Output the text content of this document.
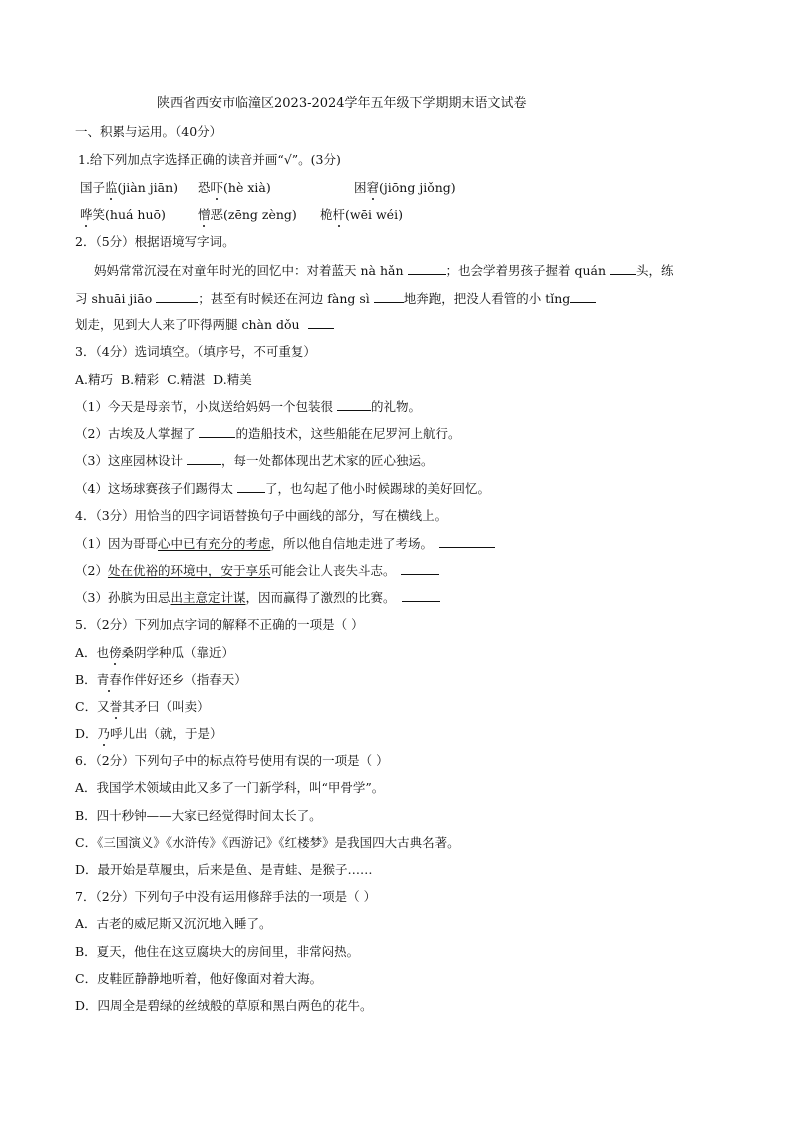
陕西省西安市临潼区2023-2024学年五年级下学期期末语文试卷
一、积累与运用。（40分）
1.给下列加点字选择正确的读音并画“√”。(3分)
国子监(jiàn jiān) 恐吓(hè xià)	困窘(jiōng jiǒng)
哗笑(huá huō)	憎恶(zēng zèng) 桅杆(wēi wéi)
2．（5分）根据语境写字词。
妈妈常常沉浸在对童年时光的回忆中：对着蓝天 nà hǎn	；也会学着男孩子握着 quán 头，练
习 shuāi jiāo	；甚至有时候还在河边 fàng sì	地奔跑，把没人看管的小 tǐng
划走，见到大人来了吓得两腿 chàn dǒu
3．（4分）选词填空。（填序号，不可重复）
A.精巧 B.精彩 C.精湛 D.精美
（1）今天是母亲节，小岚送给妈妈一个包装很	的礼物。
（2）古埃及人掌握了	的造船技术，这些船能在尼罗河上航行。
（3）这座园林设计	，每一处都体现出艺术家的匠心独运。
（4）这场球赛孩子们踢得太	了，也勾起了他小时候踢球的美好回忆。
4．（3分）用恰当的四字词语替换句子中画线的部分，写在横线上。
（1）因为哥哥心中已有充分的考虑，所以他自信地走进了考场。
（2）处在优裕的环境中，安于享乐可能会让人丧失斗志。
（3）孙膑为田忌出主意定计谋，因而赢得了激烈的比赛。
5．（2分）下列加点字词的解释不正确的一项是（ ）
A．也傍桑阴学种瓜（靠近）
B．青春作伴好还乡（指春天）
C．又誉其矛曰（叫卖）
D．乃呼儿出（就，于是）
6．（2分）下列句子中的标点符号使用有误的一项是（ ）
A．我国学术领域由此又多了一门新学科，叫“甲骨学”。
B．四十秒钟——大家已经觉得时间太长了。
C．《三国演义》《水浒传》《西游记》《红楼梦》是我国四大古典名著。
D．最开始是草履虫，后来是鱼、是青蛙、是猴子……
7．（2分）下列句子中没有运用修辞手法的一项是（ ）
A．古老的威尼斯又沉沉地入睡了。
B．夏天，他住在这豆腐块大的房间里，非常闷热。
C．皮鞋匠静静地听着，他好像面对着大海。
D．四周全是碧绿的丝绒般的草原和黑白两色的花牛。
